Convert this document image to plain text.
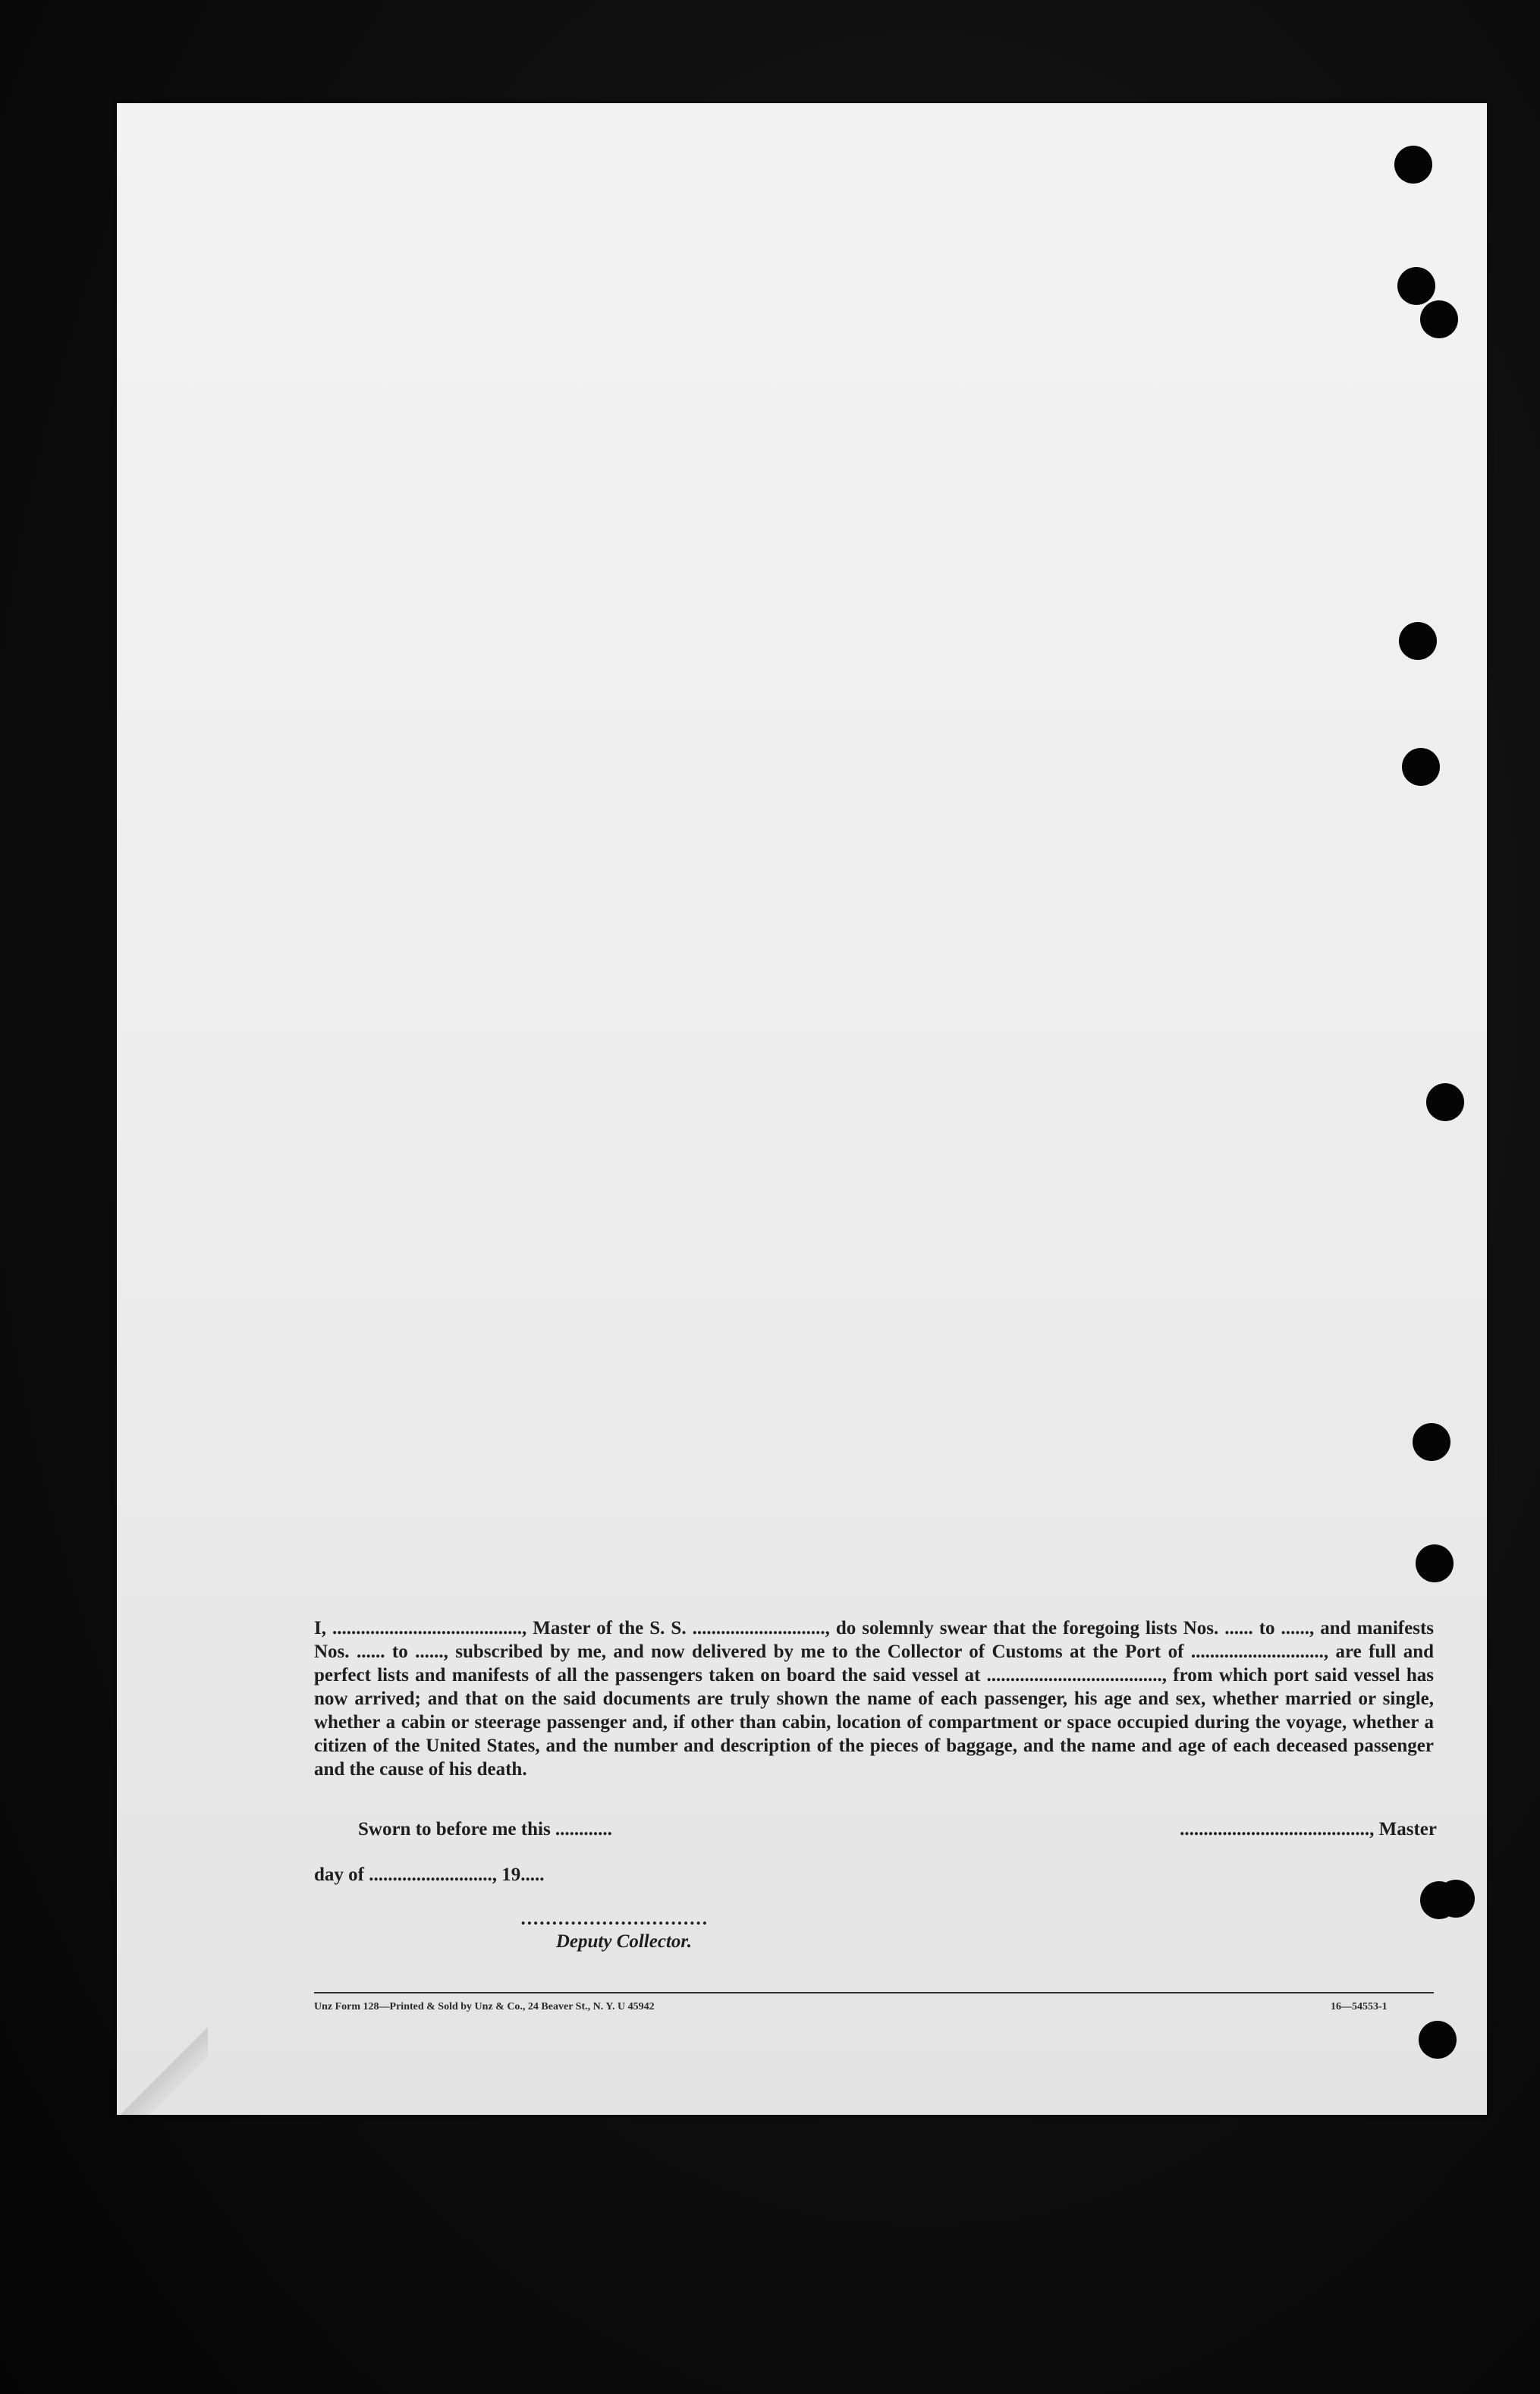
I, ........................................, Master of the S. S. ............................, do solemnly swear that the foregoing lists Nos. ...... to ......, and manifests Nos. ...... to ......, subscribed by me, and now delivered by me to the Collector of Customs at the Port of ............................, are full and perfect lists and manifests of all the passengers taken on board the said vessel at ....................................., from which port said vessel has now arrived; and that on the said documents are truly shown the name of each passenger, his age and sex, whether married or single, whether a cabin or steerage passenger and, if other than cabin, location of compartment or space occupied during the voyage, whether a citizen of the United States, and the number and description of the pieces of baggage, and the name and age of each deceased passenger and the cause of his death.

Sworn to before me this ............	........................................, Master
day of .........................., 19.....
..............................
Deputy Collector.
Unz Form 128—Printed & Sold by Unz & Co., 24 Beaver St., N. Y. U 45942	16—54553-1
